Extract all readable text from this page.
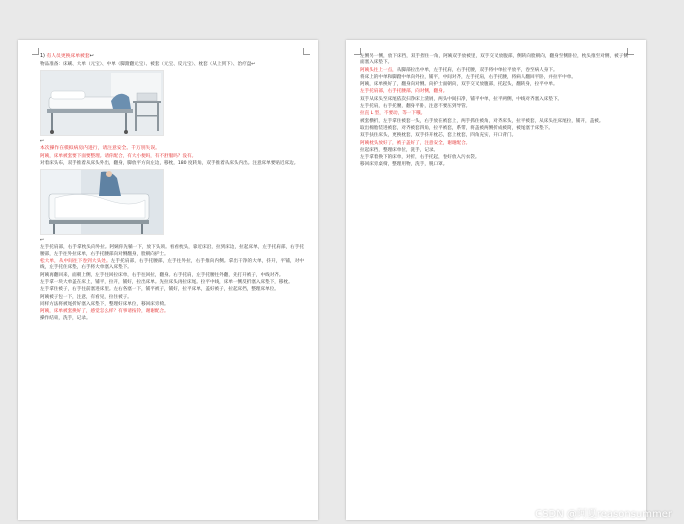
1) 有人员更换床单被套↩

物品准备：床刷、大单（元宝）、中单（脚蹬翻元宝）、被套（元宝、反元宝）、枕套（从上到下）、治疗盘↩

↩

本次操作在模拟病房内进行，请注意安全。千万别失误。

阿姨，床单被套要下面要整理。请你配合，有大小便吗，有不舒服吗？没有。

对着床头布，双手推着从床头外出，翻身，脚放平方向左边，移枕，180 度转角，双手推着从床头内出。注意床单要贴近床边。

↩

左手托肩部，右手拿枕头向外拉。阿姨你先躺一下，放下头颈。看看枕头，靠近床沿，拉到床边，拉起床单，左手托肩部，右手托腰部，左手往外拉床单，右手托腰部向对侧翻身，脸朝向护士。

松大单，从中间往下卷到大头处。左手托肩部，右手托腰部，左手往外拉，右手推向内侧。拿出干净的大单，抖开，平铺，对中线，左手托住床垫，右手将大单塞入床垫下。

阿姨再翻回来，面朝上侧，左手往回拉床单，右手往回拉，翻身。右手托肩，左手托腰往外翻，先打开被子，中线对齐。

左手拿一块大单盖在床上，铺平，拉开，铺好，拉出床单。先拉床头再拉床尾。拉平中线，床单一侧反折塞入床垫下，移枕。

左手拿住被子，右手往前塞进床里。左右各塞一下，铺平被子，铺好，拉平床单，盖好被子，拉起床挡，整理床单位。

阿姨被子包一下，注意，有看见，拉住被子。

同样方法将被尾折好塞入床垫下，整理好床单位，移回床旁椅。

阿姨，床单被套换好了，感觉怎么样？有事请按铃，谢谢配合。

操作结束，洗手，记录。

左侧另一侧，放下床挡，双手捏住一角，阿姨双手放被里，双手交叉放腹部，侧转向脸朝向，翻身至侧卧位，枕头推至对侧，被子侧面塞入床垫下。

阿姨头往上一点，从脚部拉出中单，左手托肩，右手托腰，双手将中单拉平放平，卷至病人身下。

将床上的中单和脚蹬中单向外拉，铺平，中间对齐，左手托肩，右手托腰，将病人翻回平卧，并拉平中单。

阿姨，床单换好了，翻身向对侧。向护士面朝向，双手交叉放腹部，托起头，翻转身，拉平中单。

左手托肩部，右手托腰部，向对侧，翻身。

双手从床头至床尾依次扫净床上渣屑，两头中间扫净，铺平中单，拉平两侧，中线对齐塞入床垫下。

左手托肩，右手托腰，翻身平卧，注意不要压到导管。

拉直 L 型，不要动，等一下哦。

被套横折，左手拿住被套一头，右手放在被套上，两手抓住被角，对齐床头，拉平被套，从床头往床尾拉，铺开，盖被。

取出棉胎装进被套，对齐被套四角，拉平被套，系带，将盖被两侧折成被筒，被尾塞于床垫下。

双手扶住床头，更换枕套，双手抖开枕芯，套上枕套，四角充实，开口背门。

阿姨枕头放好了，被子盖好了，注意安全，谢谢配合。

拉起床挡，整理床单位，洗手，记录。

左手拿着换下的床单，对折，右手托起，卷好放入污衣袋。

移回床旁桌椅，整理用物，洗手，脱口罩。

CSDN @阿夏reasonsummer
